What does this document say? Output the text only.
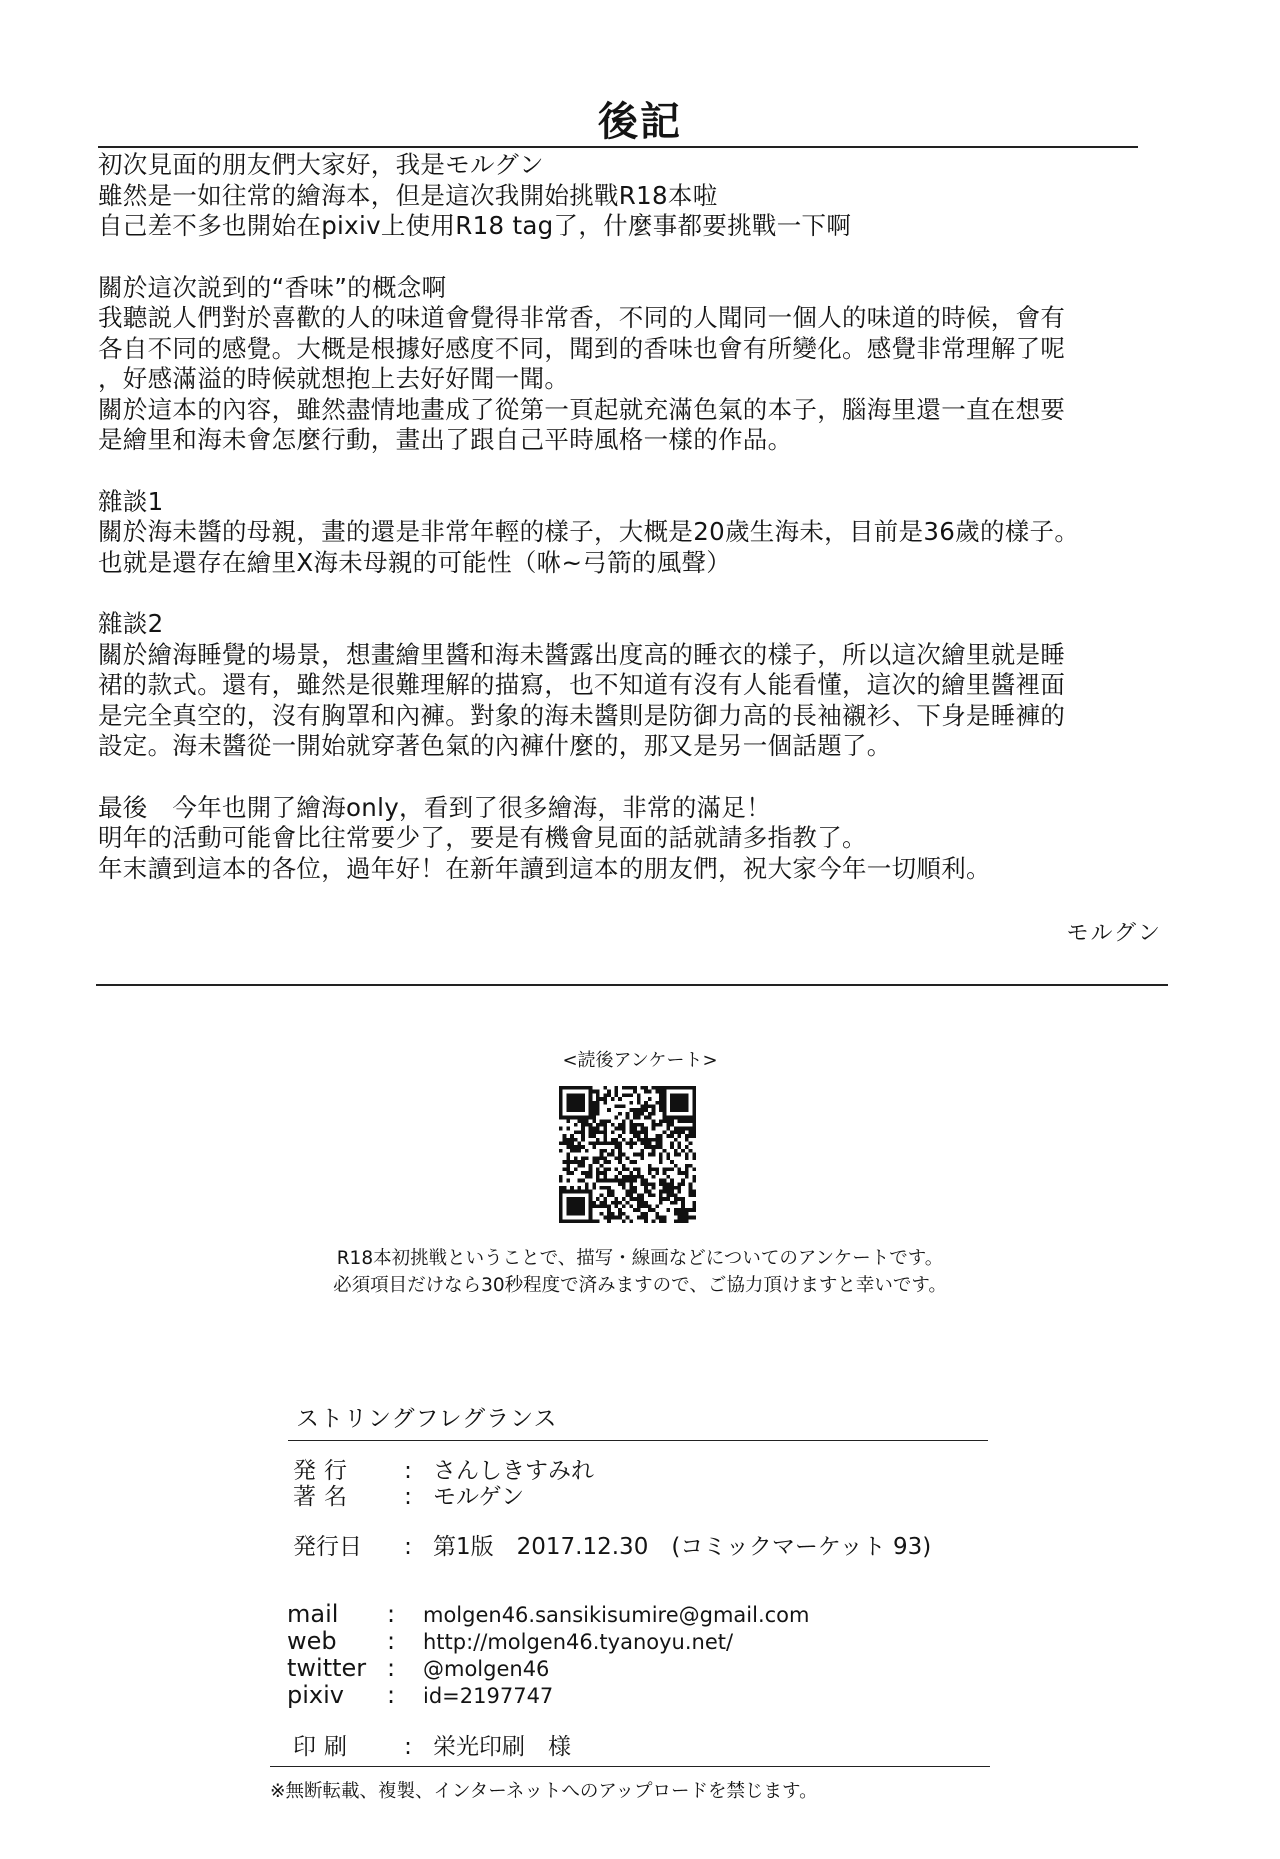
後記
初次見面的朋友們大家好，我是モルグン
雖然是一如往常的繪海本，但是這次我開始挑戰R18本啦
自己差不多也開始在pixiv上使用R18 tag了，什麼事都要挑戰一下啊
關於這次説到的“香味”的概念啊
我聽説人們對於喜歡的人的味道會覺得非常香，不同的人聞同一個人的味道的時候，會有
各自不同的感覺。大概是根據好感度不同，聞到的香味也會有所變化。感覺非常理解了呢
，好感滿溢的時候就想抱上去好好聞一聞。
關於這本的內容，雖然盡情地畫成了從第一頁起就充滿色氣的本子，腦海里還一直在想要
是繪里和海未會怎麼行動，畫出了跟自己平時風格一樣的作品。
雜談1
關於海未醬的母親，畫的還是非常年輕的樣子，大概是20歲生海未，目前是36歲的樣子。
也就是還存在繪里X海未母親的可能性（咻~弓箭的風聲）
雜談2
關於繪海睡覺的場景，想畫繪里醬和海未醬露出度高的睡衣的樣子，所以這次繪里就是睡
裙的款式。還有，雖然是很難理解的描寫，也不知道有沒有人能看懂，這次的繪里醬裡面
是完全真空的，沒有胸罩和內褲。對象的海未醬則是防御力高的長袖襯衫、下身是睡褲的
設定。海未醬從一開始就穿著色氣的內褲什麼的，那又是另一個話題了。
最後　今年也開了繪海only，看到了很多繪海，非常的滿足！
明年的活動可能會比往常要少了，要是有機會見面的話就請多指教了。
年末讀到這本的各位，過年好！在新年讀到這本的朋友們，祝大家今年一切順利。
モルグン
<読後アンケート>
R18本初挑戦ということで、描写・線画などについてのアンケートです。
必須項目だけなら30秒程度で済みますので、ご協力頂けますと幸いです。
ストリングフレグランス
発行 : さんしきすみれ
著名 : モルゲン
発行日 : 第1版　2017.12.30　(コミックマーケット 93)
mail : molgen46.sansikisumire@gmail.com
web : http://molgen46.tyanoyu.net/
twitter : @molgen46
pixiv : id=2197747
印刷 : 栄光印刷　様
※無断転載、複製、インターネットへのアップロードを禁じます。
